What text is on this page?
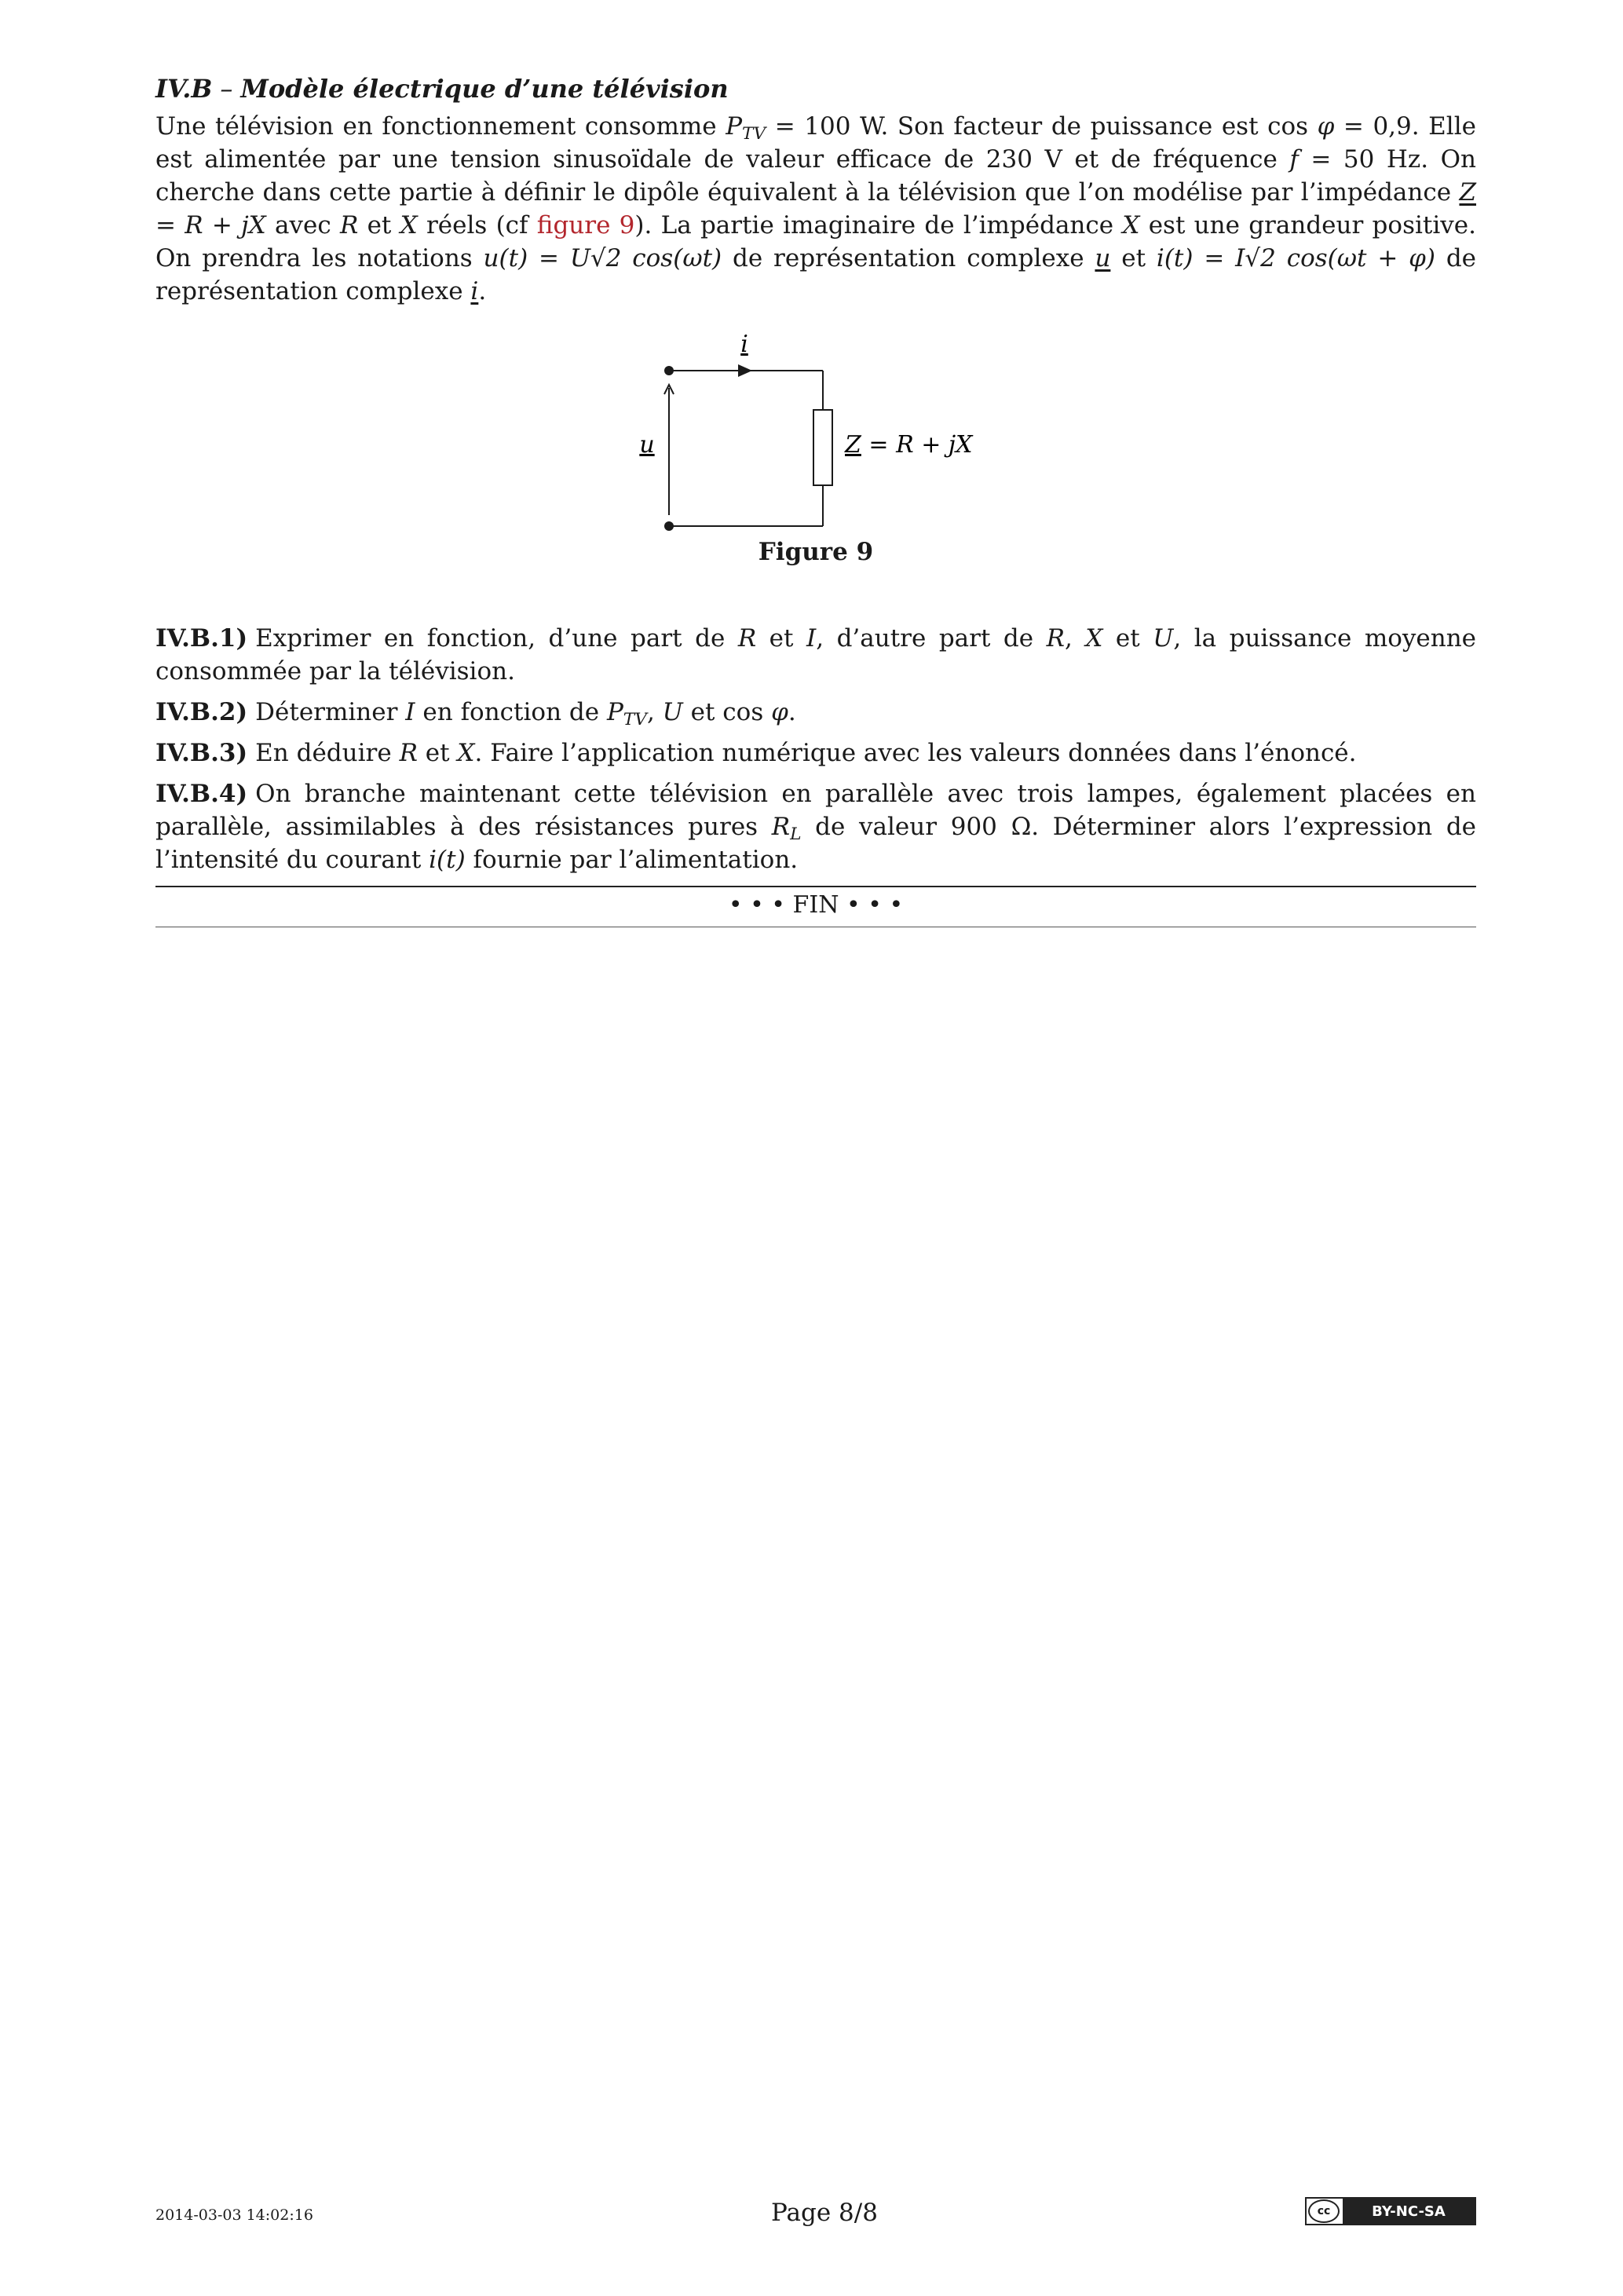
IV.B – Modèle électrique d’une télévision

Une télévision en fonctionnement consomme $P_{TV} = 100$ W. Son facteur de puissance est cos φ = 0,9. Elle est alimentée par une tension sinusoïdale de valeur efficace de 230 V et de fréquence f = 50 Hz. On cherche dans cette partie à définir le dipôle équivalent à la télévision que l’on modélise par l’impédance Z = R + jX avec R et X réels (cf figure 9). La partie imaginaire de l’impédance X est une grandeur positive. On prendra les notations u(t) = U√2 cos(ωt) de représentation complexe u et i(t) = I√2 cos(ωt + φ) de représentation complexe i.

i
u	Z = R + jX
Figure 9
IV.B.1) Exprimer en fonction, d’une part de R et I, d’autre part de R, X et U, la puissance moyenne consommée par la télévision.
IV.B.2) Déterminer I en fonction de $P_{TV}$, U et cos φ.
IV.B.3) En déduire R et X. Faire l’application numérique avec les valeurs données dans l’énoncé.
IV.B.4) On branche maintenant cette télévision en parallèle avec trois lampes, également placées en parallèle, assimilables à des résistances pures $R_L$ de valeur 900 Ω. Déterminer alors l’expression de l’intensité du courant i(t) fournie par l’alimentation.
• • • FIN • • •
2014-03-03 14:02:16	Page 8/8	cc	BY-NC-SA
